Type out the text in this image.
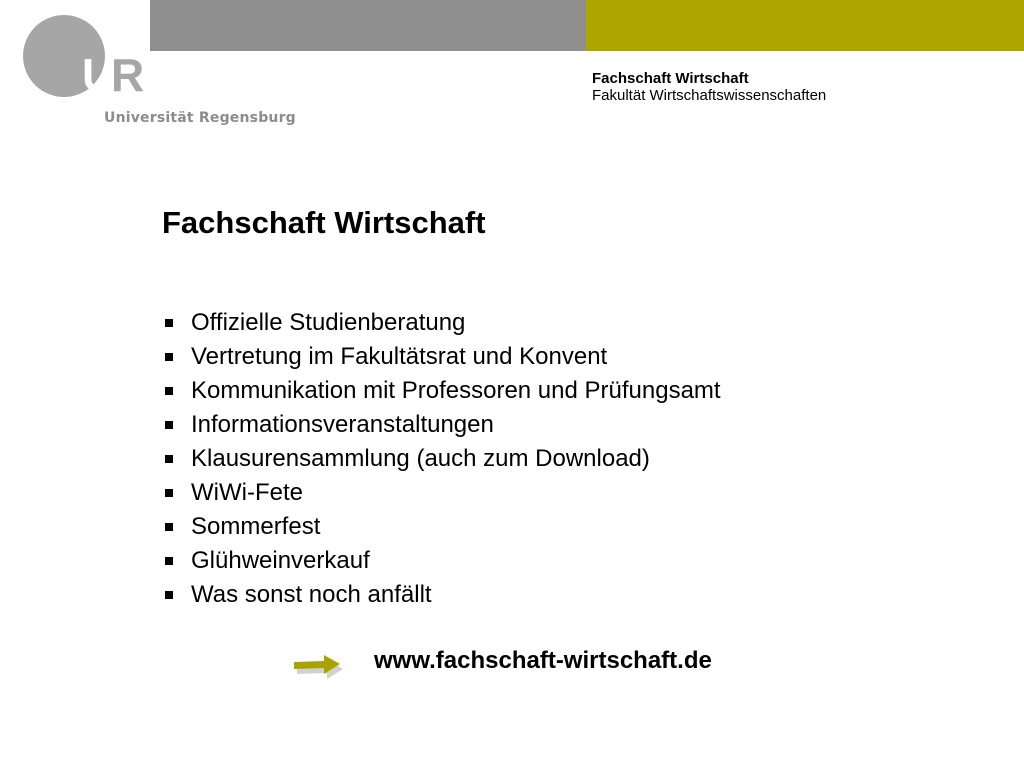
U
R
Universität Regensburg
Fachschaft Wirtschaft
Fakultät Wirtschaftswissenschaften
Fachschaft Wirtschaft
Offizielle Studienberatung
Vertretung im Fakultätsrat und Konvent
Kommunikation mit Professoren und Prüfungsamt
Informationsveranstaltungen
Klausurensammlung (auch zum Download)
WiWi-Fete
Sommerfest
Glühweinverkauf
Was sonst noch anfällt
www.fachschaft-wirtschaft.de
